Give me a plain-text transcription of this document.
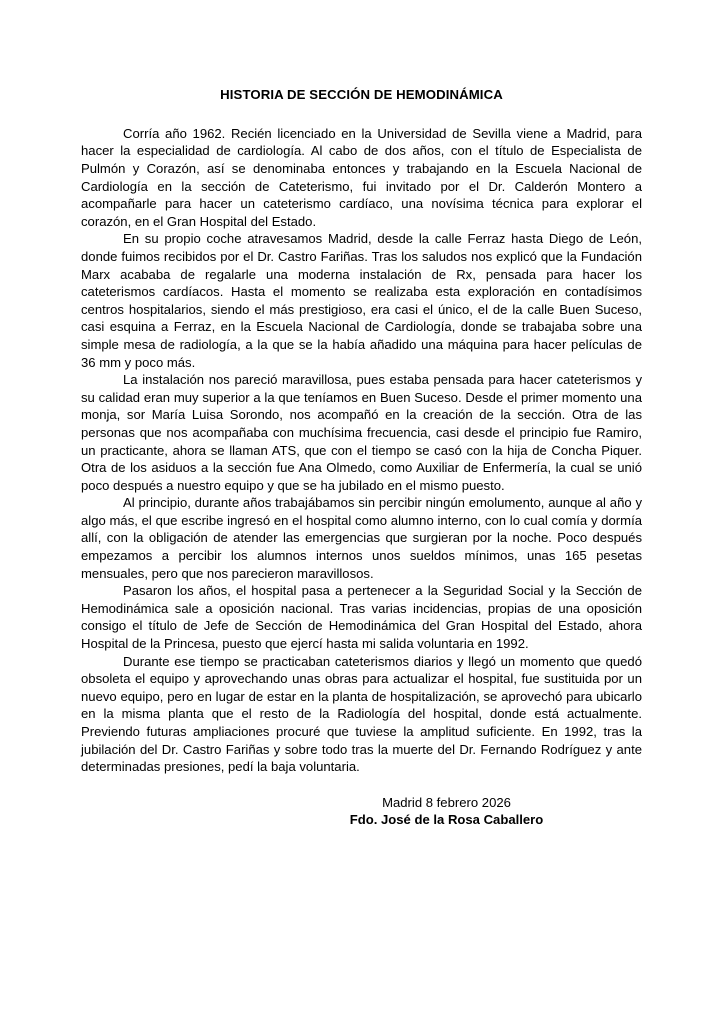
HISTORIA DE SECCIÓN DE HEMODINÁMICA

Corría año 1962. Recién licenciado en la Universidad de Sevilla viene a Madrid, para hacer la especialidad de cardiología. Al cabo de dos años, con el título de Especialista de Pulmón y Corazón, así se denominaba entonces y trabajando en la Escuela Nacional de Cardiología en la sección de Cateterismo, fui invitado por el Dr. Calderón Montero a acompañarle para hacer un cateterismo cardíaco, una novísima técnica para explorar el corazón, en el Gran Hospital del Estado.

En su propio coche atravesamos Madrid, desde la calle Ferraz hasta Diego de León, donde fuimos recibidos por el Dr. Castro Fariñas. Tras los saludos nos explicó que la Fundación Marx acababa de regalarle una moderna instalación de Rx, pensada para hacer los cateterismos cardíacos. Hasta el momento se realizaba esta exploración en contadísimos centros hospitalarios, siendo el más prestigioso, era casi el único, el de la calle Buen Suceso, casi esquina a Ferraz, en la Escuela Nacional de Cardiología, donde se trabajaba sobre una simple mesa de radiología, a la que se la había añadido una máquina para hacer películas de 36 mm y poco más.

La instalación nos pareció maravillosa, pues estaba pensada para hacer cateterismos y su calidad eran muy superior a la que teníamos en Buen Suceso. Desde el primer momento una monja, sor María Luisa Sorondo, nos acompañó en la creación de la sección. Otra de las personas que nos acompañaba con muchísima frecuencia, casi desde el principio fue Ramiro, un practicante, ahora se llaman ATS, que con el tiempo se casó con la hija de Concha Piquer. Otra de los asiduos a la sección fue Ana Olmedo, como Auxiliar de Enfermería, la cual se unió poco después a nuestro equipo y que se ha jubilado en el mismo puesto.

Al principio, durante años trabajábamos sin percibir ningún emolumento, aunque al año y algo más, el que escribe ingresó en el hospital como alumno interno, con lo cual comía y dormía allí, con la obligación de atender las emergencias que surgieran por la noche. Poco después empezamos a percibir los alumnos internos unos sueldos mínimos, unas 165 pesetas mensuales, pero que nos parecieron maravillosos.

Pasaron los años, el hospital pasa a pertenecer a la Seguridad Social y la Sección de Hemodinámica sale a oposición nacional. Tras varias incidencias, propias de una oposición consigo el título de Jefe de Sección de Hemodinámica del Gran Hospital del Estado, ahora Hospital de la Princesa, puesto que ejercí hasta mi salida voluntaria en 1992.

Durante ese tiempo se practicaban cateterismos diarios y llegó un momento que quedó obsoleta el equipo y aprovechando unas obras para actualizar el hospital, fue sustituida por un nuevo equipo, pero en lugar de estar en la planta de hospitalización, se aprovechó para ubicarlo en la misma planta que el resto de la Radiología del hospital, donde está actualmente. Previendo futuras ampliaciones procuré que tuviese la amplitud suficiente. En 1992, tras la jubilación del Dr. Castro Fariñas y sobre todo tras la muerte del Dr. Fernando Rodríguez y ante determinadas presiones, pedí la baja voluntaria.

Madrid 8 febrero 2026
Fdo. José de la Rosa Caballero
